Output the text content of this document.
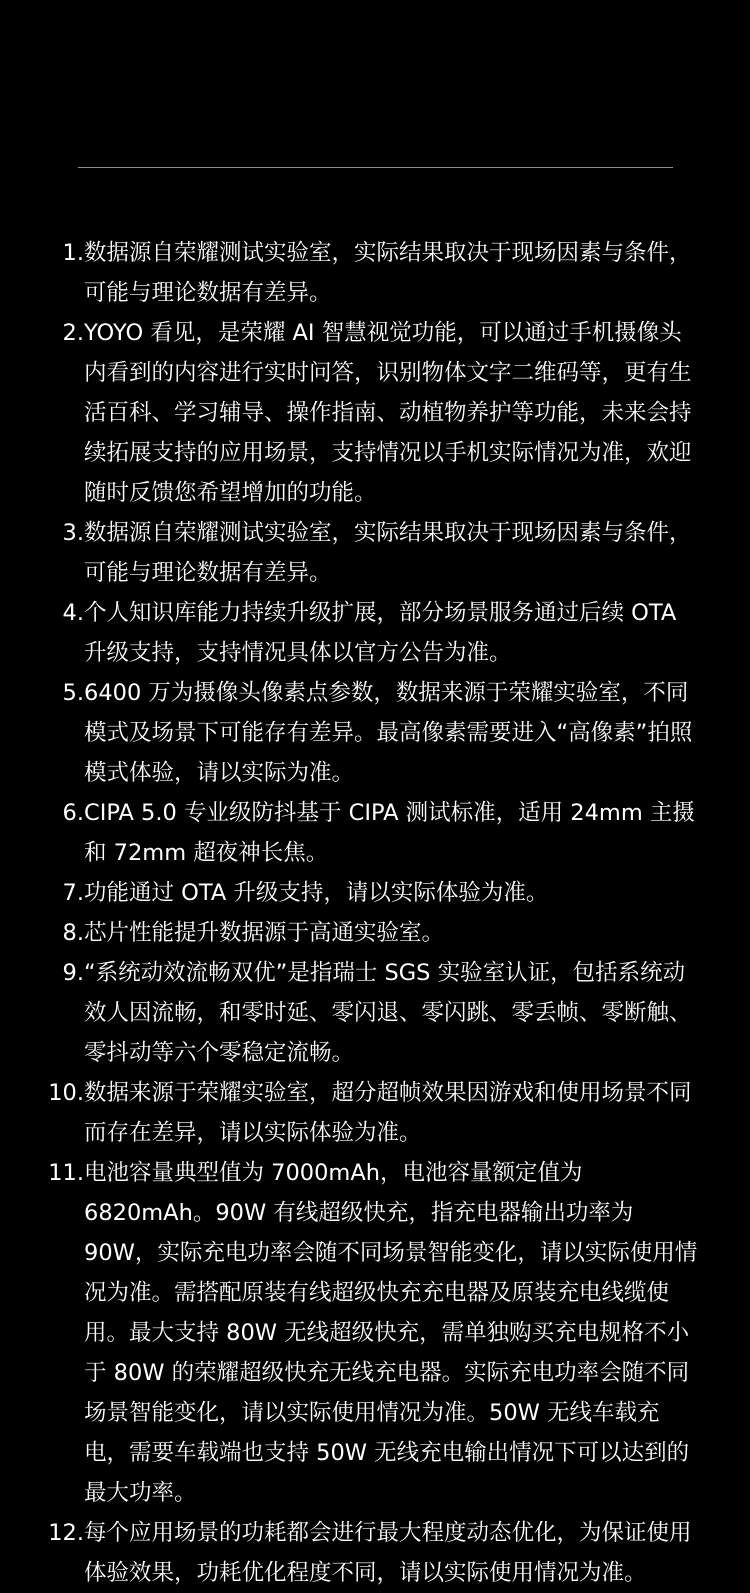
1. 数据源自荣耀测试实验室，实际结果取决于现场因素与条件，可能与理论数据有差异。
2. YOYO 看见，是荣耀 AI 智慧视觉功能，可以通过手机摄像头内看到的内容进行实时问答，识别物体文字二维码等，更有生活百科、学习辅导、操作指南、动植物养护等功能，未来会持续拓展支持的应用场景，支持情况以手机实际情况为准，欢迎随时反馈您希望增加的功能。
3. 数据源自荣耀测试实验室，实际结果取决于现场因素与条件，可能与理论数据有差异。
4. 个人知识库能力持续升级扩展，部分场景服务通过后续 OTA 升级支持，支持情况具体以官方公告为准。
5. 6400 万为摄像头像素点参数，数据来源于荣耀实验室，不同模式及场景下可能存有差异。最高像素需要进入“高像素”拍照模式体验，请以实际为准。
6. CIPA 5.0 专业级防抖基于 CIPA 测试标准，适用 24mm 主摄和 72mm 超夜神长焦。
7. 功能通过 OTA 升级支持，请以实际体验为准。
8. 芯片性能提升数据源于高通实验室。
9. “系统动效流畅双优”是指瑞士 SGS 实验室认证，包括系统动效人因流畅，和零时延、零闪退、零闪跳、零丢帧、零断触、零抖动等六个零稳定流畅。
10. 数据来源于荣耀实验室，超分超帧效果因游戏和使用场景不同而存在差异，请以实际体验为准。
11. 电池容量典型值为 7000mAh，电池容量额定值为 6820mAh。90W 有线超级快充，指充电器输出功率为 90W，实际充电功率会随不同场景智能变化，请以实际使用情况为准。需搭配原装有线超级快充充电器及原装充电线缆使用。最大支持 80W 无线超级快充，需单独购买充电规格不小于 80W 的荣耀超级快充无线充电器。实际充电功率会随不同场景智能变化，请以实际使用情况为准。50W 无线车载充电，需要车载端也支持 50W 无线充电输出情况下可以达到的最大功率。
12. 每个应用场景的功耗都会进行最大程度动态优化，为保证使用体验效果，功耗优化程度不同，请以实际使用情况为准。
